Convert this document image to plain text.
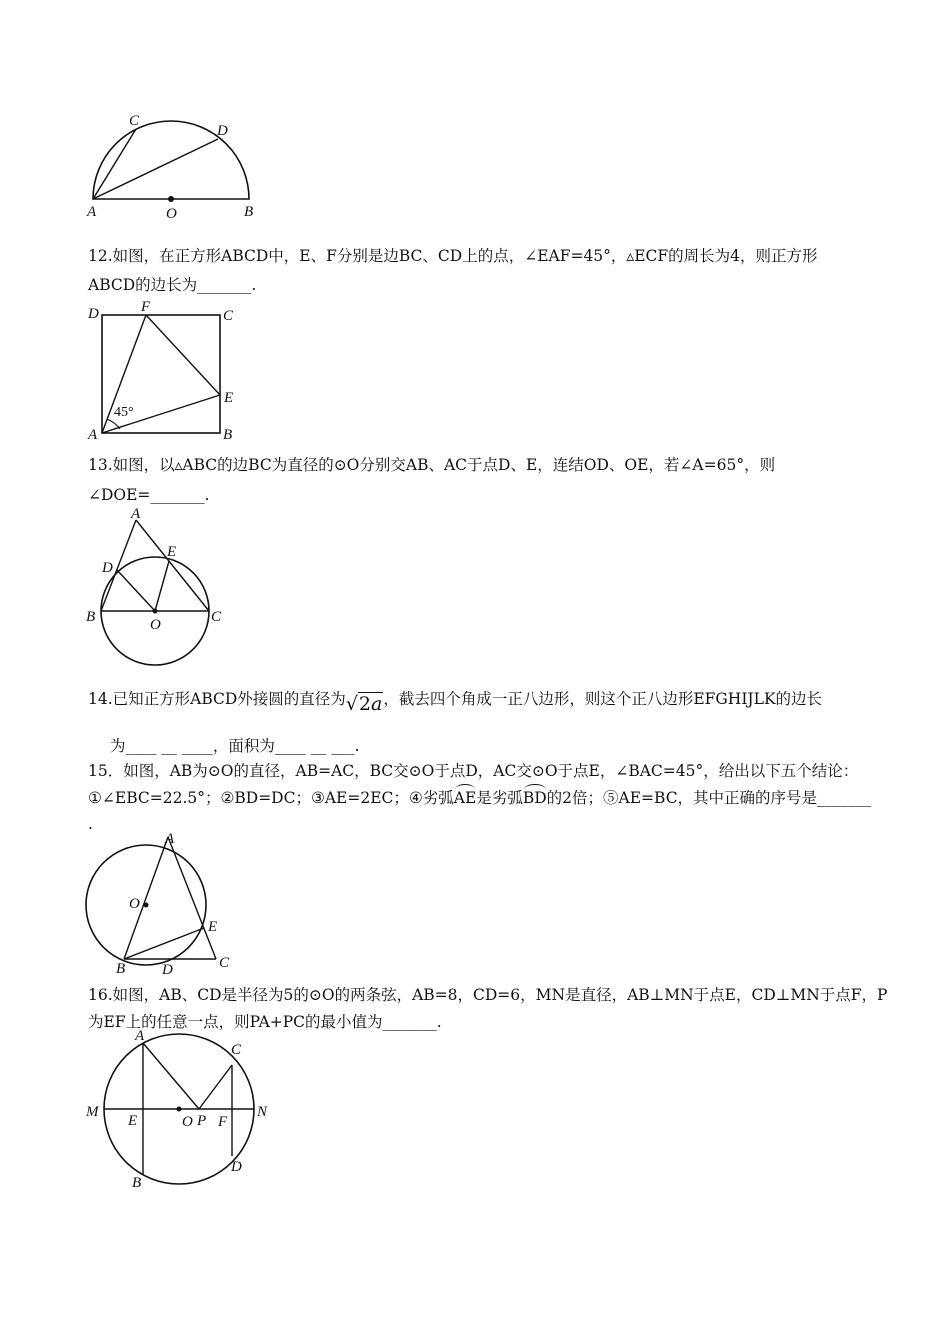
A	O	B
C
D
12.如图，在正方形ABCD中，E、F分别是边BC、CD上的点，∠EAF=45°，▵ECF的周长为4，则正方形
ABCD的边长为_______.
45°
D	F
C
E
A	B
13.如图，以▵ABC的边BC为直径的⊙O分别交AB、AC于点D、E，连结OD、OE，若∠A=65°，则
∠DOE=_______.
A
E
D
B	C
O
14.已知正方形ABCD外接圆的直径为√2a，截去四个角成一正八边形，则这个正八边形EFGHIJLK的边长
为____ __ ____，面积为____ __ ___.
15．如图，AB为⊙O的直径，AB=AC，BC交⊙O于点D，AC交⊙O于点E，∠BAC=45°，给出以下五个结论：
①∠EBC=22.5°；②BD=DC；③AE=2EC；④劣弧AE是劣弧BD的2倍；⑤AE=BC，其中正确的序号是_______
.
A
O
E
B D	C
16.如图，AB、CD是半径为5的⊙O的两条弦，AB=8，CD=6，MN是直径，AB⊥MN于点E，CD⊥MN于点F，P
为EF上的任意一点，则PA+PC的最小值为_______.
A
C
M	N
E	O P F
D
B
